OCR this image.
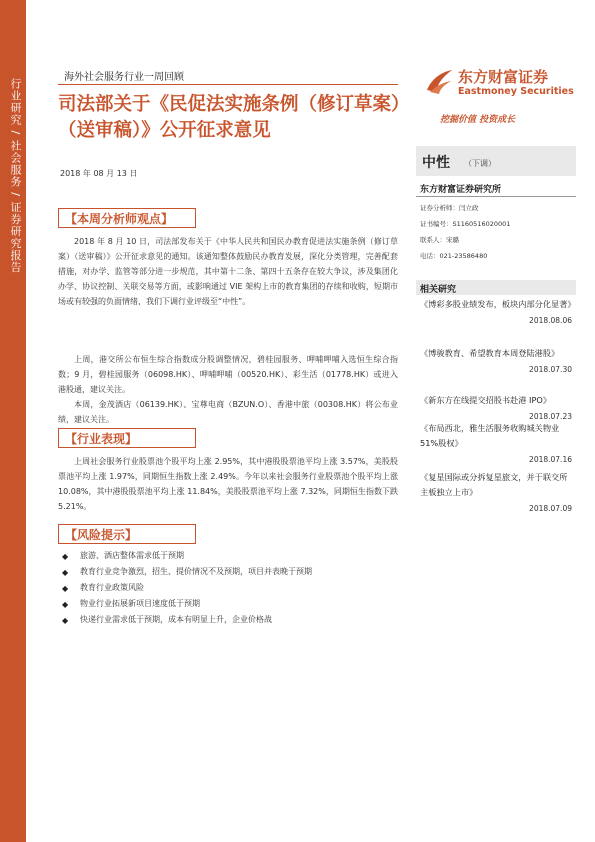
行业研究 / 社会服务 / 证券研究报告
海外社会服务行业一周回顾
司法部关于《民促法实施条例（修订草案）（送审稿）》公开征求意见
2018 年 08 月 13 日
【本周分析师观点】

2018 年 8 月 10 日，司法部发布关于《中华人民共和国民办教育促进法实施条例（修订草案）（送审稿）》公开征求意见的通知。该通知整体鼓励民办教育发展，深化分类管理，完善配套措施，对办学、监管等部分进一步规范，其中第十二条、第四十五条存在较大争议，涉及集团化办学、协议控制、关联交易等方面，或影响通过 VIE 架构上市的教育集团的存续和收购，短期市场或有较强的负面情绪，我们下调行业评级至“中性”。

上周，港交所公布恒生综合指数成分股调整情况，碧桂园服务、呷哺呷哺入选恒生综合指数；9 月，碧桂园服务（06098.HK）、呷哺呷哺（00520.HK）、彩生活（01778.HK）或进入港股通，建议关注。

本周，金茂酒店（06139.HK）、宝尊电商（BZUN.O）、香港中旅（00308.HK）将公布业绩，建议关注。

【行业表现】

上周社会服务行业股票池个股平均上涨 2.95%，其中港股股票池平均上涨 3.57%，美股股票池平均上涨 1.97%，同期恒生指数上涨 2.49%。今年以来社会服务行业股票池个股平均上涨 10.08%，其中港股股票池平均上涨 11.84%，美股股票池平均上涨 7.32%，同期恒生指数下跌 5.21%。

【风险提示】
◆ 旅游、酒店整体需求低于预期
◆ 教育行业竞争激烈，招生、提价情况不及预期，项目并表晚于预期
◆ 教育行业政策风险
◆ 物业行业拓展新项目速度低于预期
◆ 快递行业需求低于预期，成本有明显上升，企业价格战
东方财富证券
Eastmoney Securities
挖掘价值 投资成长
中性 （下调）
东方财富证券研究所
证券分析师：闫立政
证书编号：S1160516020001
联系人：宋璐
电话：021-23586480
相关研究
《博彩多股业绩发布，板块内部分化显著》
2018.08.06
《博骏教育、希望教育本周登陆港股》
2018.07.30
《新东方在线提交招股书赴港 IPO》
2018.07.23
《布局西北，雅生活服务收购城关物业 51%股权》
2018.07.16
《复星国际或分拆复星旅文，并于联交所主板独立上市》
2018.07.09
